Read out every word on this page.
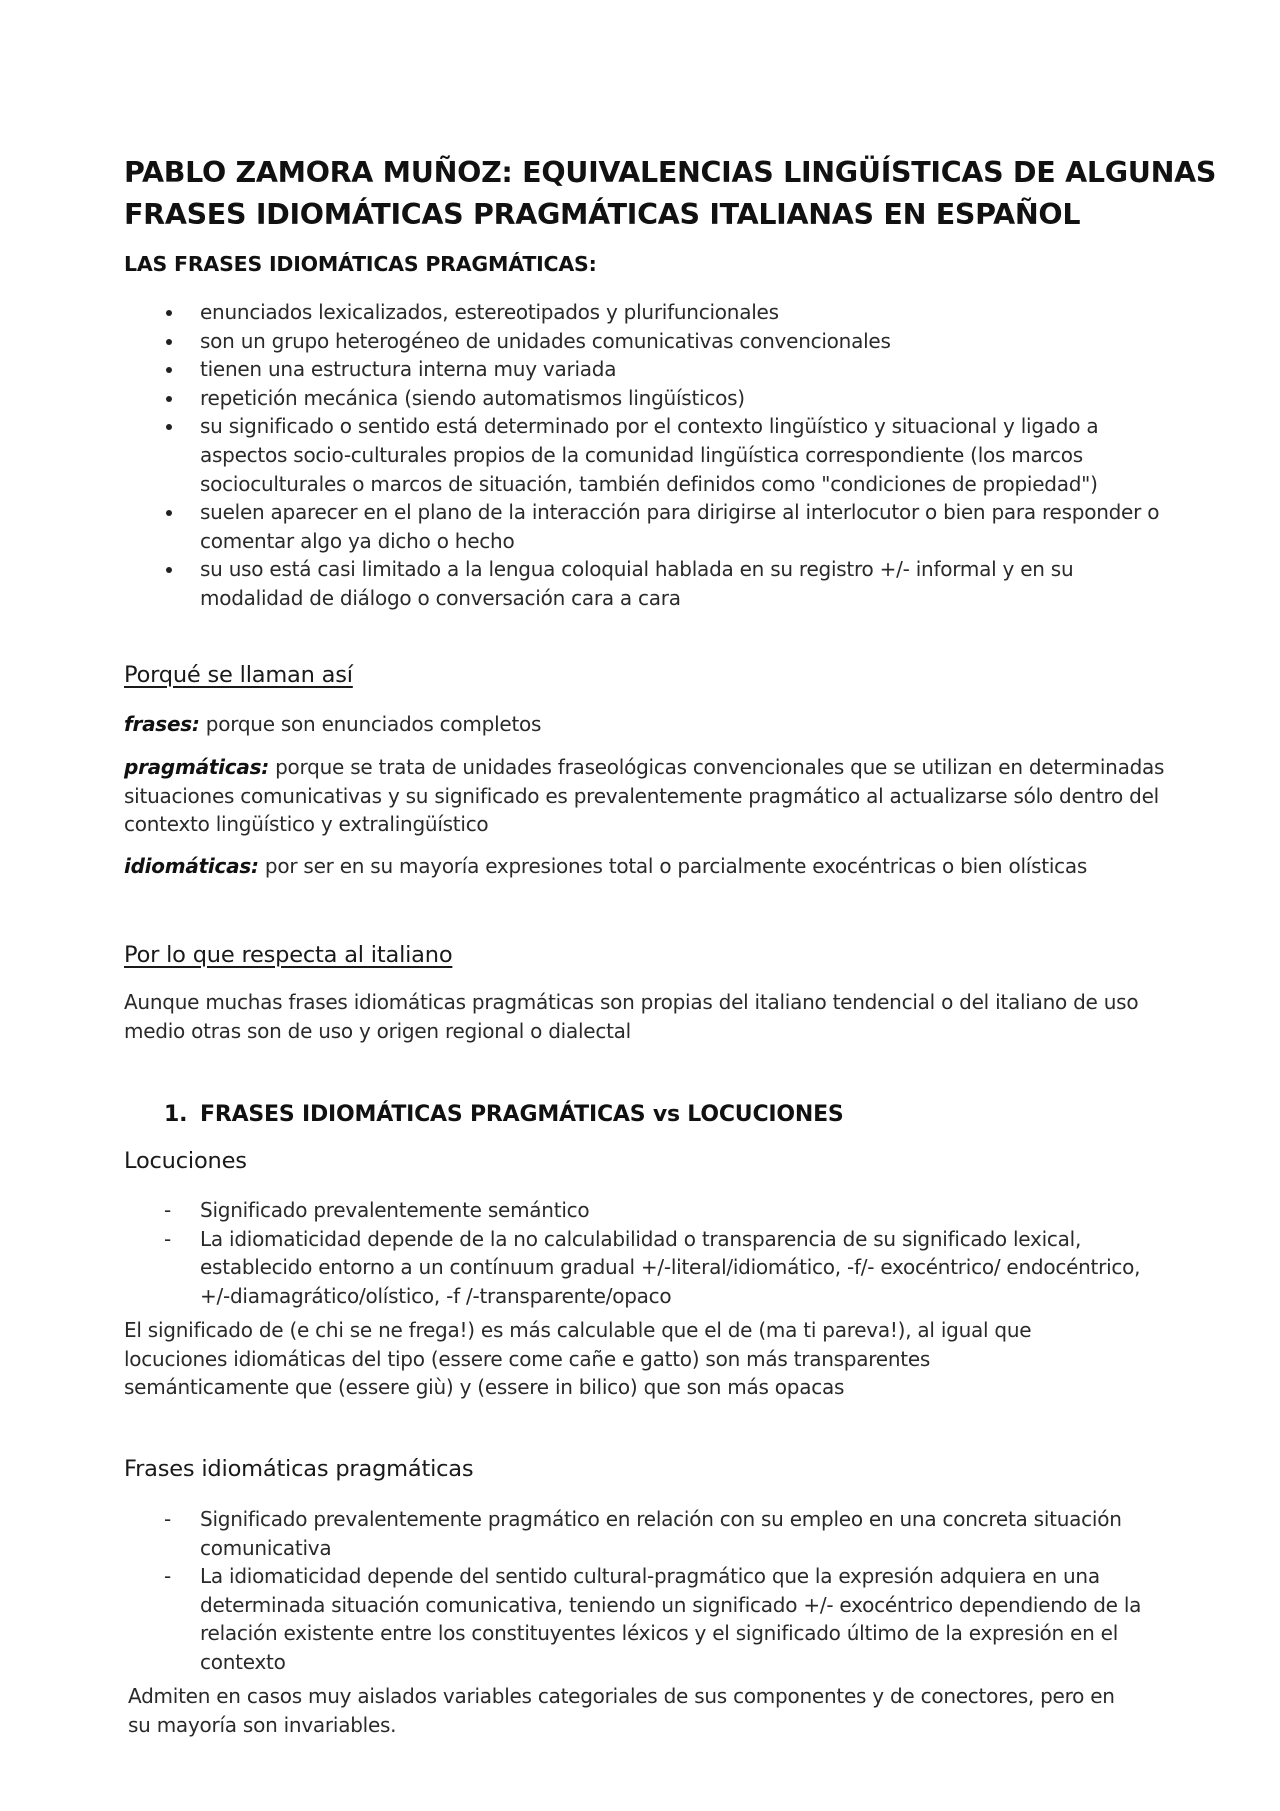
PABLO ZAMORA MUÑOZ: EQUIVALENCIAS LINGÜÍSTICAS DE ALGUNAS
FRASES IDIOMÁTICAS PRAGMÁTICAS ITALIANAS EN ESPAÑOL
LAS FRASES IDIOMÁTICAS PRAGMÁTICAS:
enunciados lexicalizados, estereotipados y plurifuncionales
son un grupo heterogéneo de unidades comunicativas convencionales
tienen una estructura interna muy variada
repetición mecánica (siendo automatismos lingüísticos)
su significado o sentido está determinado por el contexto lingüístico y situacional y ligado a aspectos socio-culturales propios de la comunidad lingüística correspondiente (los marcos socioculturales o marcos de situación, también definidos como "condiciones de propiedad")
suelen aparecer en el plano de la interacción para dirigirse al interlocutor o bien para responder o comentar algo ya dicho o hecho
su uso está casi limitado a la lengua coloquial hablada en su registro +/- informal y en su modalidad de diálogo o conversación cara a cara
Porqué se llaman así
frases: porque son enunciados completos
pragmáticas: porque se trata de unidades fraseológicas convencionales que se utilizan en determinadas situaciones comunicativas y su significado es prevalentemente pragmático al actualizarse sólo dentro del contexto lingüístico y extralingüístico
idiomáticas: por ser en su mayoría expresiones total o parcialmente exocéntricas o bien olísticas
Por lo que respecta al italiano
Aunque muchas frases idiomáticas pragmáticas son propias del italiano tendencial o del italiano de uso medio otras son de uso y origen regional o dialectal
1. FRASES IDIOMÁTICAS PRAGMÁTICAS vs LOCUCIONES
Locuciones
- Significado prevalentemente semántico
- La idiomaticidad depende de la no calculabilidad o transparencia de su significado lexical, establecido entorno a un contínuum gradual +/-literal/idiomático, -f/- exocéntrico/ endocéntrico, +/-diamagrático/olístico, -f /-transparente/opaco
El significado de (e chi se ne frega!) es más calculable que el de (ma ti pareva!), al igual que locuciones idiomáticas del tipo (essere come cañe e gatto) son más transparentes semánticamente que (essere giù) y (essere in bilico) que son más opacas
Frases idiomáticas pragmáticas
- Significado prevalentemente pragmático en relación con su empleo en una concreta situación comunicativa
- La idiomaticidad depende del sentido cultural-pragmático que la expresión adquiera en una determinada situación comunicativa, teniendo un significado +/- exocéntrico dependiendo de la relación existente entre los constituyentes léxicos y el significado último de la expresión en el contexto
Admiten en casos muy aislados variables categoriales de sus componentes y de conectores, pero en su mayoría son invariables.
